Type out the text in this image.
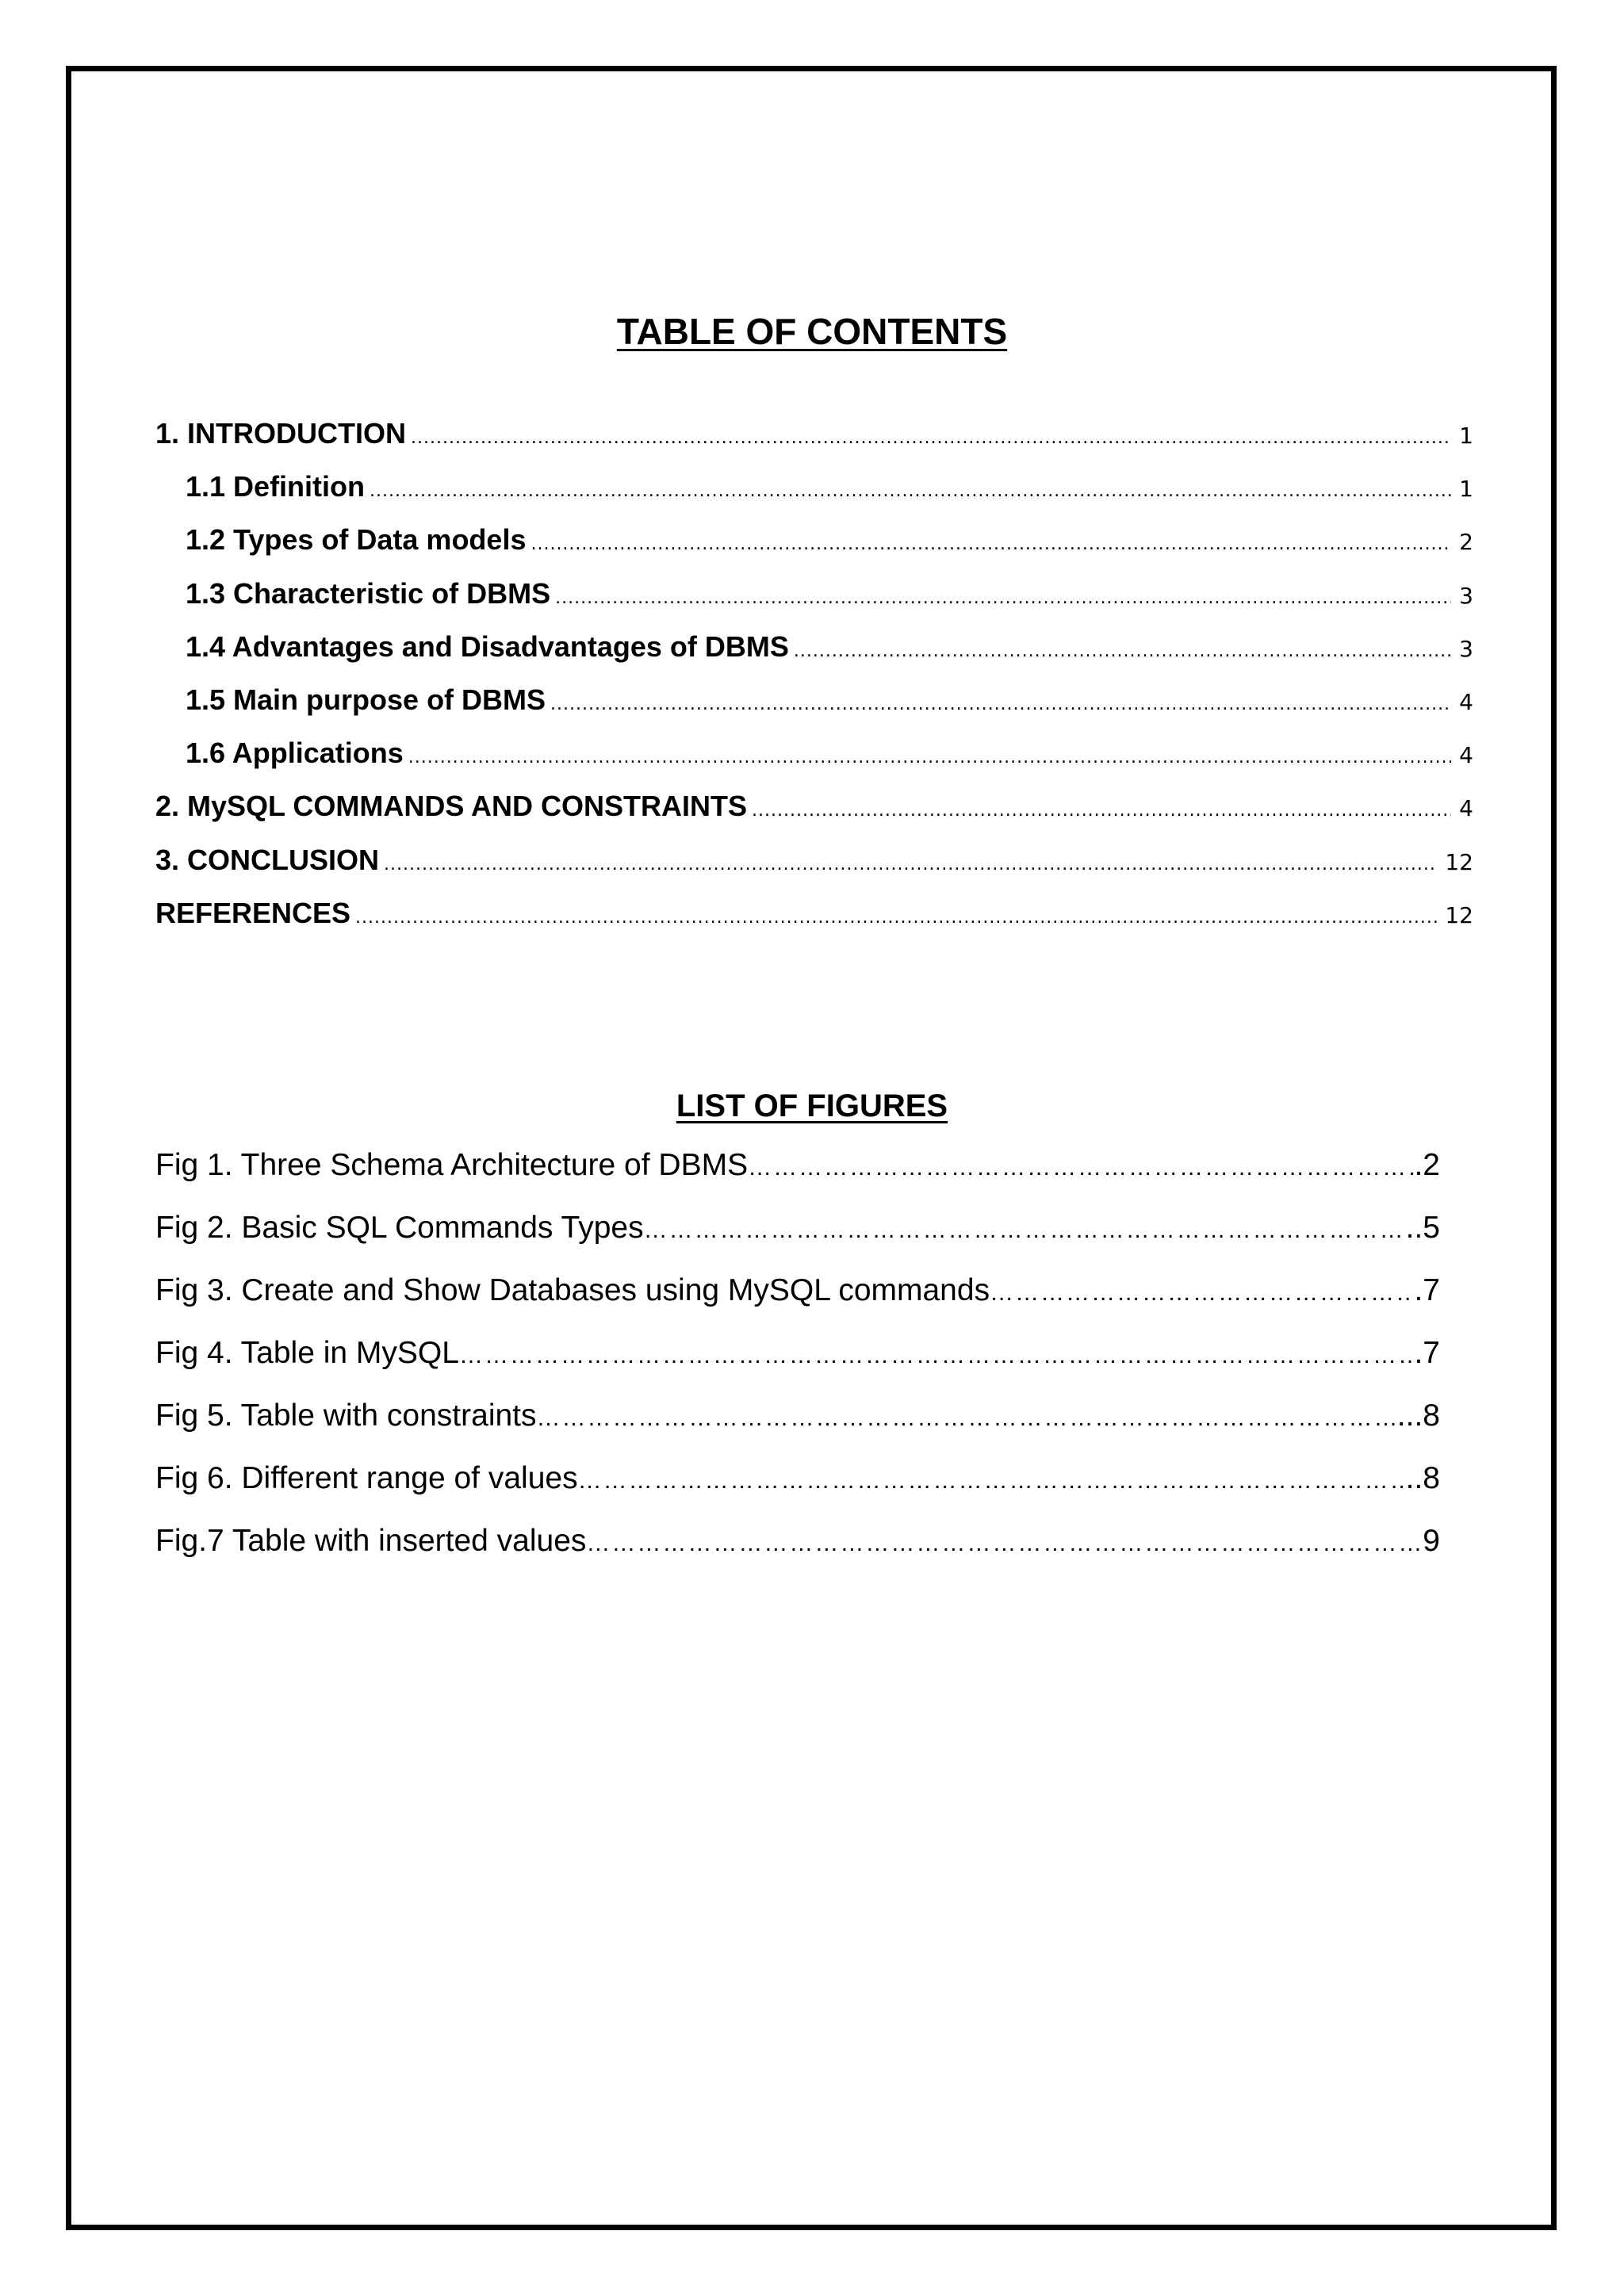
TABLE OF CONTENTS
1. INTRODUCTION .....	1
1.1 Definition .....	1
1.2 Types of Data models .....	2
1.3 Characteristic of DBMS .....	3
1.4 Advantages and Disadvantages of DBMS .....	3
1.5 Main purpose of DBMS .....	4
1.6 Applications .....	4
2. MySQL COMMANDS AND CONSTRAINTS .....	4
3. CONCLUSION .....	12
REFERENCES .....	12
LIST OF FIGURES
Fig 1. Three Schema Architecture of DBMS ……………………………………………………………………………………………………………………………………………………………………………………………………	.2
Fig 2. Basic SQL Commands Types ……………………………………………………………………………………………………………………………………………………………………………………………………	..5
Fig 3. Create and Show Databases using MySQL commands ……………………………………………………………………………………………………………………………………………………………………………………………………	.7
Fig 4. Table in MySQL ……………………………………………………………………………………………………………………………………………………………………………………………………	.7
Fig 5. Table with constraints ……………………………………………………………………………………………………………………………………………………………………………………………………	...8
Fig 6. Different range of values ……………………………………………………………………………………………………………………………………………………………………………………………………	..8
Fig.7 Table with inserted values ……………………………………………………………………………………………………………………………………………………………………………………………………	9
